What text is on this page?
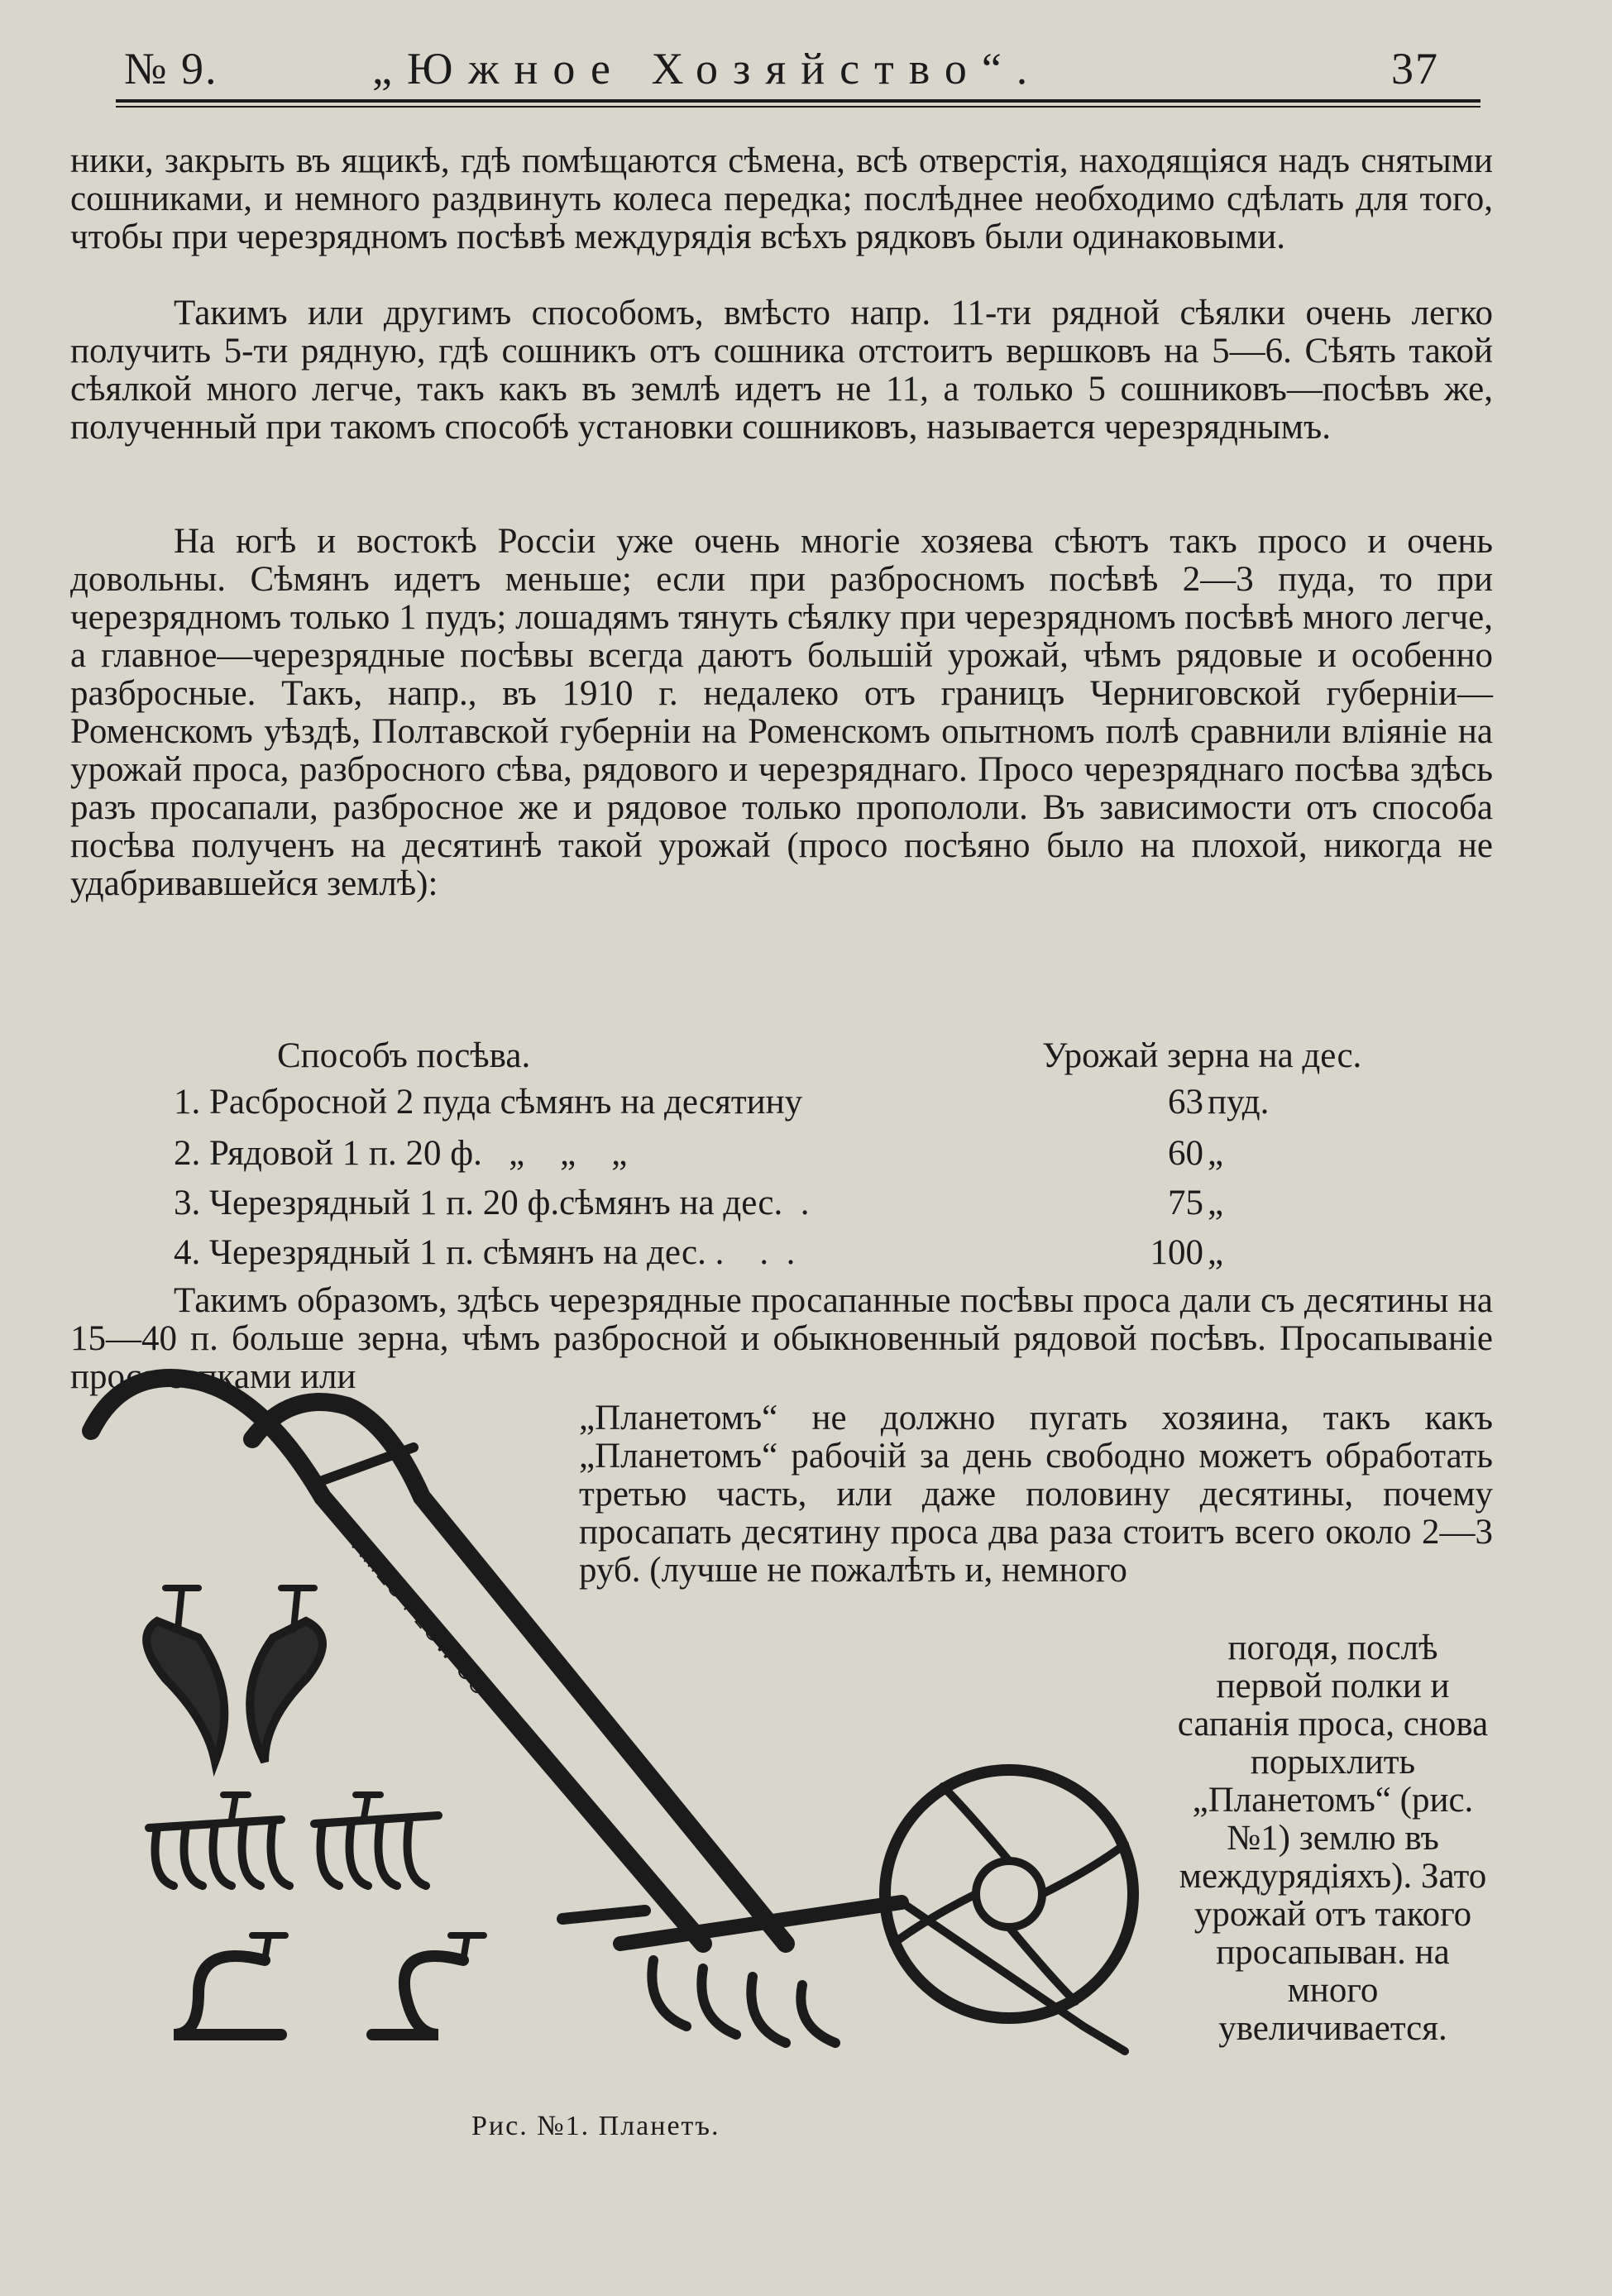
№ 9.	„Южное Хозяйство“.	37

ники, закрыть въ ящикѣ, гдѣ помѣщаются сѣмена, всѣ отверстія, находящіяся надъ снятыми сошниками, и немного раздвинуть колеса передка; послѣднее необходимо сдѣлать для того, чтобы при черезрядномъ посѣвѣ междурядія всѣхъ рядковъ были одинаковыми.

Такимъ или другимъ способомъ, вмѣсто напр. 11-ти рядной сѣялки очень легко получить 5-ти рядную, гдѣ сошникъ отъ сошника отстоитъ вершковъ на 5—6. Сѣять такой сѣялкой много легче, такъ какъ въ землѣ идетъ не 11, а только 5 сошниковъ—посѣвъ же, полученный при такомъ способѣ установки сошниковъ, называется черезряднымъ.

На югѣ и востокѣ Россіи уже очень многіе хозяева сѣютъ такъ просо и очень довольны. Сѣмянъ идетъ меньше; если при разбросномъ посѣвѣ 2—3 пуда, то при черезрядномъ только 1 пудъ; лошадямъ тянуть сѣялку при черезрядномъ посѣвѣ много легче, а главное—черезрядные посѣвы всегда даютъ большій урожай, чѣмъ рядовые и особенно разбросные. Такъ, напр., въ 1910 г. недалеко отъ границъ Черниговской губерніи—Роменскомъ уѣздѣ, Полтавской губерніи на Роменскомъ опытномъ полѣ сравнили вліяніе на урожай проса, разбросного сѣва, рядового и черезряднаго. Просо черезряднаго посѣва здѣсь разъ просапали, разбросное же и рядовое только пропололи. Въ зависимости отъ способа посѣва полученъ на десятинѣ такой урожай (просо посѣяно было на плохой, никогда не удабривавшейся землѣ):

Способъ посѣва.	Урожай зерна на дес.
1. Расбросной 2 пуда сѣмянъ на десятину	63 пуд.
2. Рядовой 1 п. 20 ф.   „    „    „	60 „
3. Черезрядный 1 п. 20 ф.сѣмянъ на дес.  .	75 „
4. Черезрядный 1 п. сѣмянъ на дес. .    .  .	100 „

Такимъ образомъ, здѣсь черезрядные просапанные посѣвы проса дали съ десятины на 15—40 п. больше зерна, чѣмъ разбросной и обыкновенный рядовой посѣвъ. Просапываніе проса сапками или

„Планетомъ“ не должно пугать хозяина, такъ какъ „Планетомъ“ рабочій за день свободно можетъ обработать третью часть, или даже половину десятины, почему просапать десятину проса два раза стоитъ всего около 2—3 руб. (лучше не пожалѣть и, немного

погодя, послѣ первой полки и сапанія проса, снова порыхлить „Планетомъ“ (рис. №1) землю въ междурядіяхъ). Зато урожай отъ такого просапыван. на много увеличивается.

AMES PLOW CO
Рис. №1. Планетъ.
